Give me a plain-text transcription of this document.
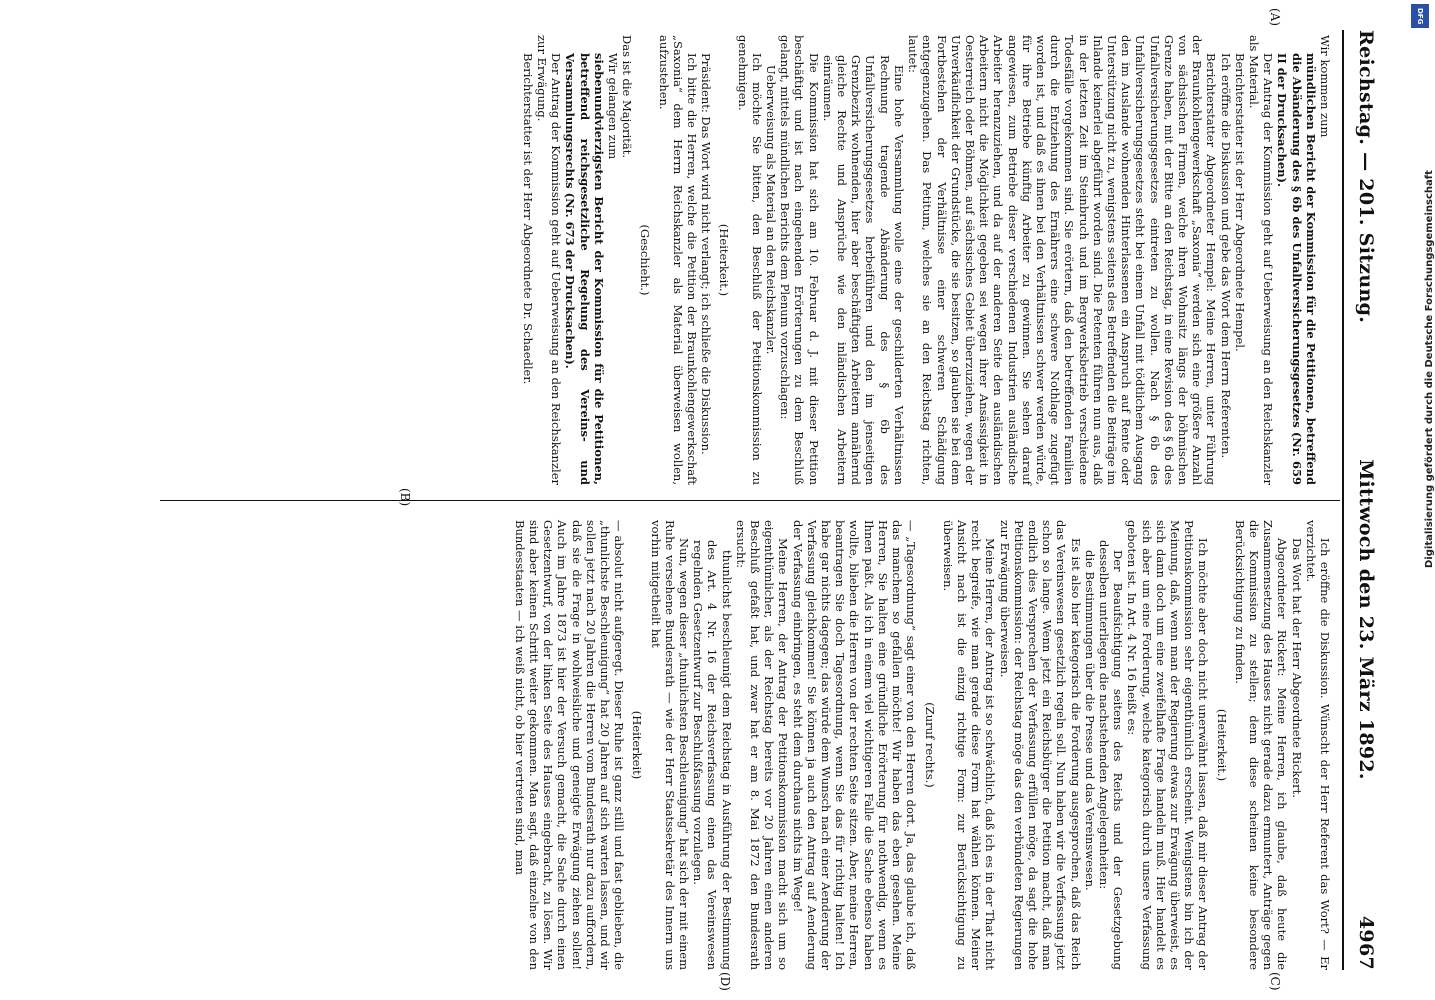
Reichstag. — 201. Sitzung.
Mittwoch den 23. März 1892.
4967
(A)
(B)
(C)
(D)

Wir kommen zum

mündlichen Bericht der Kommission für die Petitionen, betreffend die Abänderung des § 6b des Unfallversicherungsgesetzes (Nr. 659 II der Drucksachen).

Der Antrag der Kommission geht auf Ueberweisung an den Reichskanzler als Material.

Berichterstatter ist der Herr Abgeordnete Hempel.

Ich eröffne die Diskussion und gebe das Wort dem Herrn Referenten.

Berichterstatter Abgeordneter Hempel: Meine Herren, unter Führung der Braunkohlengewerkschaft „Saxonia“ werden sich eine größere Anzahl von sächsischen Firmen, welche ihren Wohnsitz längs der böhmischen Grenze haben, mit der Bitte an den Reichstag, in eine Revision des § 6b des Unfallversicherungsgesetzes eintreten zu wollen. Nach § 6b des Unfallversicherungsgesetzes steht bei einem Unfall mit tödtlichem Ausgang den im Auslande wohnenden Hinterlassenen ein Anspruch auf Rente oder Unterstützung nicht zu, wenigstens seitens des Betreffenden die Beiträge im Inlande keinerlei abgeführt worden sind. Die Petenten führen nun aus, daß in der letzten Zeit im Steinbruch und im Bergwerksbetrieb verschiedene Todesfälle vorgekommen sind. Sie erörtern, daß den betreffenden Familien durch die Entziehung des Ernährers eine schwere Nothlage zugefügt worden ist, und daß es ihnen bei den Verhältnissen schwer werden würde, für ihre Betriebe künftig Arbeiter zu gewinnen. Sie sehen darauf angewiesen, zum Betriebe dieser verschiedenen Industrien ausländische Arbeiter heranzuziehen, und da auf der anderen Seite den ausländischen Arbeitern nicht die Möglichkeit gegeben sei wegen ihrer Ansässigkeit in Oesterreich oder Böhmen, auf sächsisches Gebiet überzuziehen, wegen der Unverkäuflichkeit der Grundstücke, die sie besitzen, so glauben sie bei dem Fortbestehen der Verhältnisse einer schweren Schädigung entgegenzugehen. Das Petitum, welches sie an den Reichstag richten, lautet:

Eine hohe Versammlung wolle eine der geschilderten Verhältnissen Rechnung tragende Abänderung des § 6b des Unfallversicherungsgesetzes herbeiführen und den im jenseitigen Grenzbezirk wohnenden, hier aber beschäftigten Arbeitern annähernd gleiche Rechte und Ansprüche wie den inländischen Arbeitern einräumen.

Die Kommission hat sich am 10. Februar d. J. mit dieser Petition beschäftigt und ist nach eingehenden Erörterungen zu dem Beschluß gelangt, mittels mündlichen Berichts dem Plenum vorzuschlagen:

Ueberweisung als Material an den Reichskanzler.

Ich möchte Sie bitten, den Beschluß der Petitionskommission zu genehmigen.

(Heiterkeit.)

Präsident: Das Wort wird nicht verlangt; ich schließe die Diskussion.

Ich bitte die Herren, welche die Petition der Braunkohlengewerkschaft „Saxonia“ dem Herrn Reichskanzler als Material überweisen wollen, aufzustehen.

(Geschieht.)

Das ist die Majorität.

Wir gelangen zum

siebenundvierzigsten Bericht der Kommission für die Petitionen, betreffend reichsgesetzliche Regelung des Vereins- und Versammlungsrechts (Nr. 673 der Drucksachen).

Der Antrag der Kommission geht auf Ueberweisung an den Reichskanzler zur Erwägung.

Berichterstatter ist der Herr Abgeordnete Dr. Schaedler.

Ich eröffne die Diskussion. Wünscht der Herr Referent das Wort? — Er verzichtet.

Das Wort hat der Herr Abgeordnete Rickert.

Abgeordneter Rickert: Meine Herren, ich glaube, daß heute die Zusammensetzung des Hauses nicht gerade dazu ermuntert, Anträge gegen die Kommission zu stellen; denn diese scheinen keine besondere Berücksichtigung zu finden.

(Heiterkeit.)

Ich möchte aber doch nicht unerwähnt lassen, daß mir dieser Antrag der Petitionskommission sehr eigenthümlich erscheint. Wenigstens bin ich der Meinung, daß, wenn man der Regierung etwas zur Erwägung überweist, es sich dann doch um eine zweifelhafte Frage handeln muß. Hier handelt es sich aber um eine Forderung, welche kategorisch durch unsere Verfassung geboten ist. In Art. 4 Nr. 16 heißt es:

Der Beaufsichtigung seitens des Reichs und der Gesetzgebung desselben unterliegen die nachstehenden Angelegenheiten:

die Bestimmungen über die Presse und das Vereinswesen.

Es ist also hier kategorisch die Forderung ausgesprochen, daß das Reich das Vereinswesen gesetzlich regeln soll. Nun haben wir die Verfassung jetzt schon so lange. Wenn jetzt ein Reichsbürger die Petition macht, daß man endlich dies Versprechen der Verfassung erfüllen möge, da sagt die hohe Petitionskommission: der Reichstag möge das den verbündeten Regierungen zur Erwägung überweisen.

Meine Herren, der Antrag ist so schwächlich, daß ich es in der That nicht recht begreife, wie man gerade diese Form hat wählen können. Meiner Ansicht nach ist die einzig richtige Form: zur Berücksichtigung zu überweisen.

(Zuruf rechts.)

— „Tagesordnung“ sagt einer von den Herren dort. Ja, das glaube ich, daß das manchem so gefallen möchte! Wir haben das eben gesehen. Meine Herren, Sie halten eine gründliche Erörterung für nothwendig, wenn es Ihnen paßt. Als ich in einem viel wichtigeren Falle die Sache ebenso haben wollte, blieben die Herren von der rechten Seite sitzen. Aber, meine Herren, beantragen Sie doch Tagesordnung, wenn Sie das für richtig halten! Ich habe gar nichts dagegen; das würde dem Wunsch nach einer Aenderung der Verfassung gleichkommen! Sie können ja auch den Antrag auf Aenderung der Verfassung einbringen, es steht dem durchaus nichts im Wege!

Meine Herren, der Antrag der Petitionskommission macht sich um so eigenthümlicher, als der Reichstag bereits vor 20 Jahren einen anderen Beschluß gefaßt hat, und zwar hat er am 8. Mai 1872 den Bundesrath ersucht:

thunlichst beschleunigt dem Reichstag in Ausführung der Bestimmung des Art. 4 Nr. 16 der Reichsverfassung einen das Vereinswesen regelnden Gesetzentwurf zur Beschlußfassung vorzulegen.

Nun, wegen dieser „thunlichsten Beschleunigung“ hat sich der mit einem Ruhe versehene Bundesrath — wie der Herr Staatssekretär des Innern uns vorhin mitgetheilt hat

(Heiterkeit)

— absolut nicht aufgeregt. Dieser Ruhe ist ganz stilll und fast geblieben, die „thunlichste Beschleunigung“ hat 20 Jahren auf sich warten lassen, und wir sollen jetzt nach 20 Jahren die Herren vom Bundesrath nur dazu auffordern, daß sie die Frage in wohlweisliche und geneigte Erwägung ziehen sollen! Auch im Jahre 1873 ist hier der Versuch gemacht, die Sache durch einen Gesetzentwurf, von der linken Seite des Hauses eingebracht, zu lösen. Wir sind aber keinen Schritt weiter gekommen. Man sagt, daß einzelne von den Bundesstaaten — ich weiß nicht, ob hier vertreten sind, man

DFG
Digitalisierung gefördert durch die Deutsche Forschungsgemeinschaft
